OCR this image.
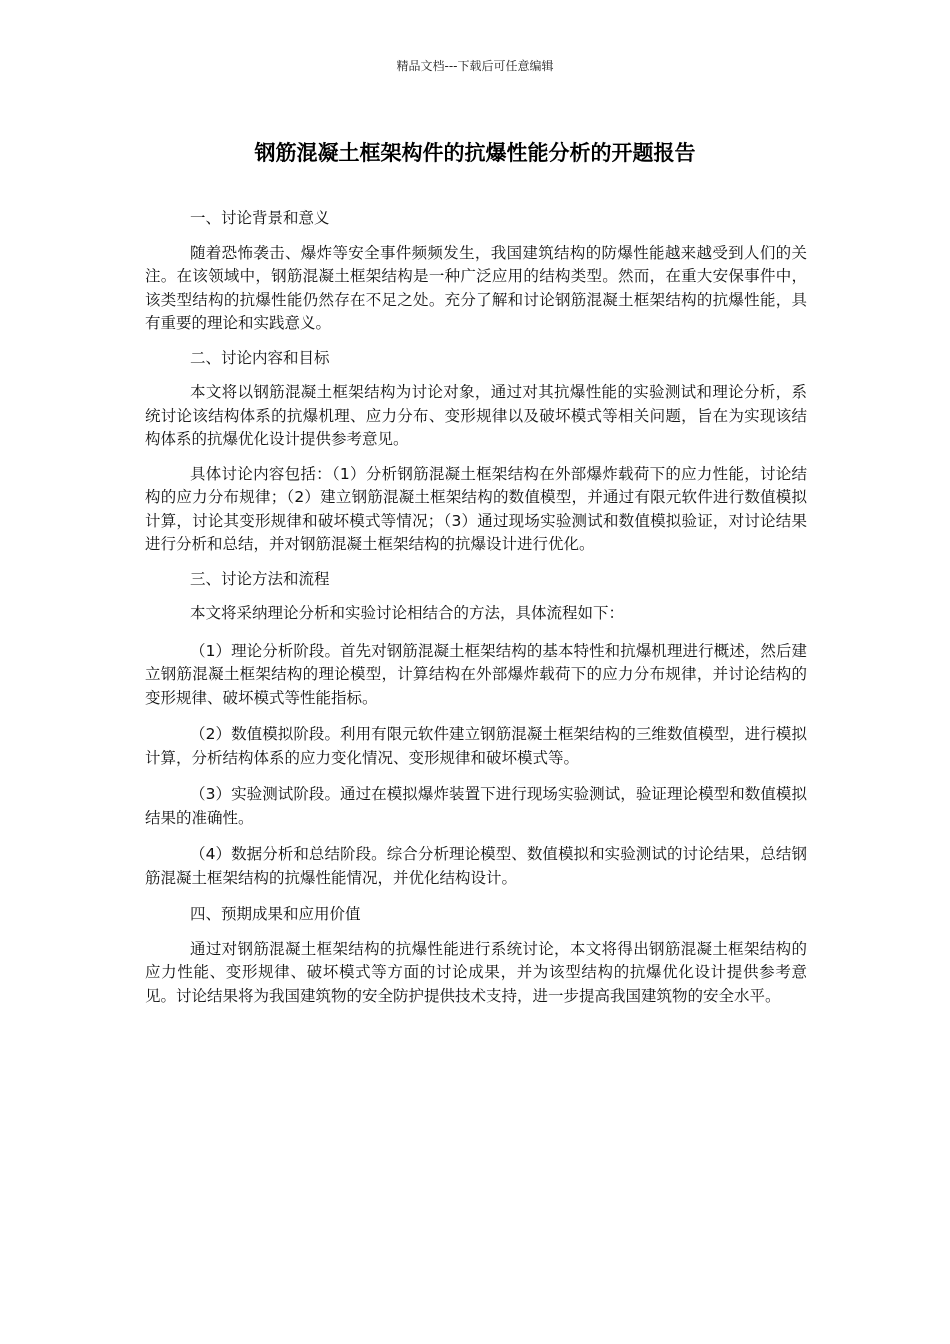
精品文档---下载后可任意编辑
钢筋混凝土框架构件的抗爆性能分析的开题报告

一、讨论背景和意义

随着恐怖袭击、爆炸等安全事件频频发生，我国建筑结构的防爆性能越来越受到人们的关注。在该领域中，钢筋混凝土框架结构是一种广泛应用的结构类型。然而，在重大安保事件中，该类型结构的抗爆性能仍然存在不足之处。充分了解和讨论钢筋混凝土框架结构的抗爆性能，具有重要的理论和实践意义。

二、讨论内容和目标

本文将以钢筋混凝土框架结构为讨论对象，通过对其抗爆性能的实验测试和理论分析，系统讨论该结构体系的抗爆机理、应力分布、变形规律以及破坏模式等相关问题，旨在为实现该结构体系的抗爆优化设计提供参考意见。

具体讨论内容包括：（1）分析钢筋混凝土框架结构在外部爆炸载荷下的应力性能，讨论结构的应力分布规律；（2）建立钢筋混凝土框架结构的数值模型，并通过有限元软件进行数值模拟计算，讨论其变形规律和破坏模式等情况；（3）通过现场实验测试和数值模拟验证，对讨论结果进行分析和总结，并对钢筋混凝土框架结构的抗爆设计进行优化。

三、讨论方法和流程

本文将采纳理论分析和实验讨论相结合的方法，具体流程如下：

（1）理论分析阶段。首先对钢筋混凝土框架结构的基本特性和抗爆机理进行概述，然后建立钢筋混凝土框架结构的理论模型，计算结构在外部爆炸载荷下的应力分布规律，并讨论结构的变形规律、破坏模式等性能指标。

（2）数值模拟阶段。利用有限元软件建立钢筋混凝土框架结构的三维数值模型，进行模拟计算，分析结构体系的应力变化情况、变形规律和破坏模式等。

（3）实验测试阶段。通过在模拟爆炸装置下进行现场实验测试，验证理论模型和数值模拟结果的准确性。

（4）数据分析和总结阶段。综合分析理论模型、数值模拟和实验测试的讨论结果，总结钢筋混凝土框架结构的抗爆性能情况，并优化结构设计。

四、预期成果和应用价值

通过对钢筋混凝土框架结构的抗爆性能进行系统讨论，本文将得出钢筋混凝土框架结构的应力性能、变形规律、破坏模式等方面的讨论成果，并为该型结构的抗爆优化设计提供参考意见。讨论结果将为我国建筑物的安全防护提供技术支持，进一步提高我国建筑物的安全水平。
